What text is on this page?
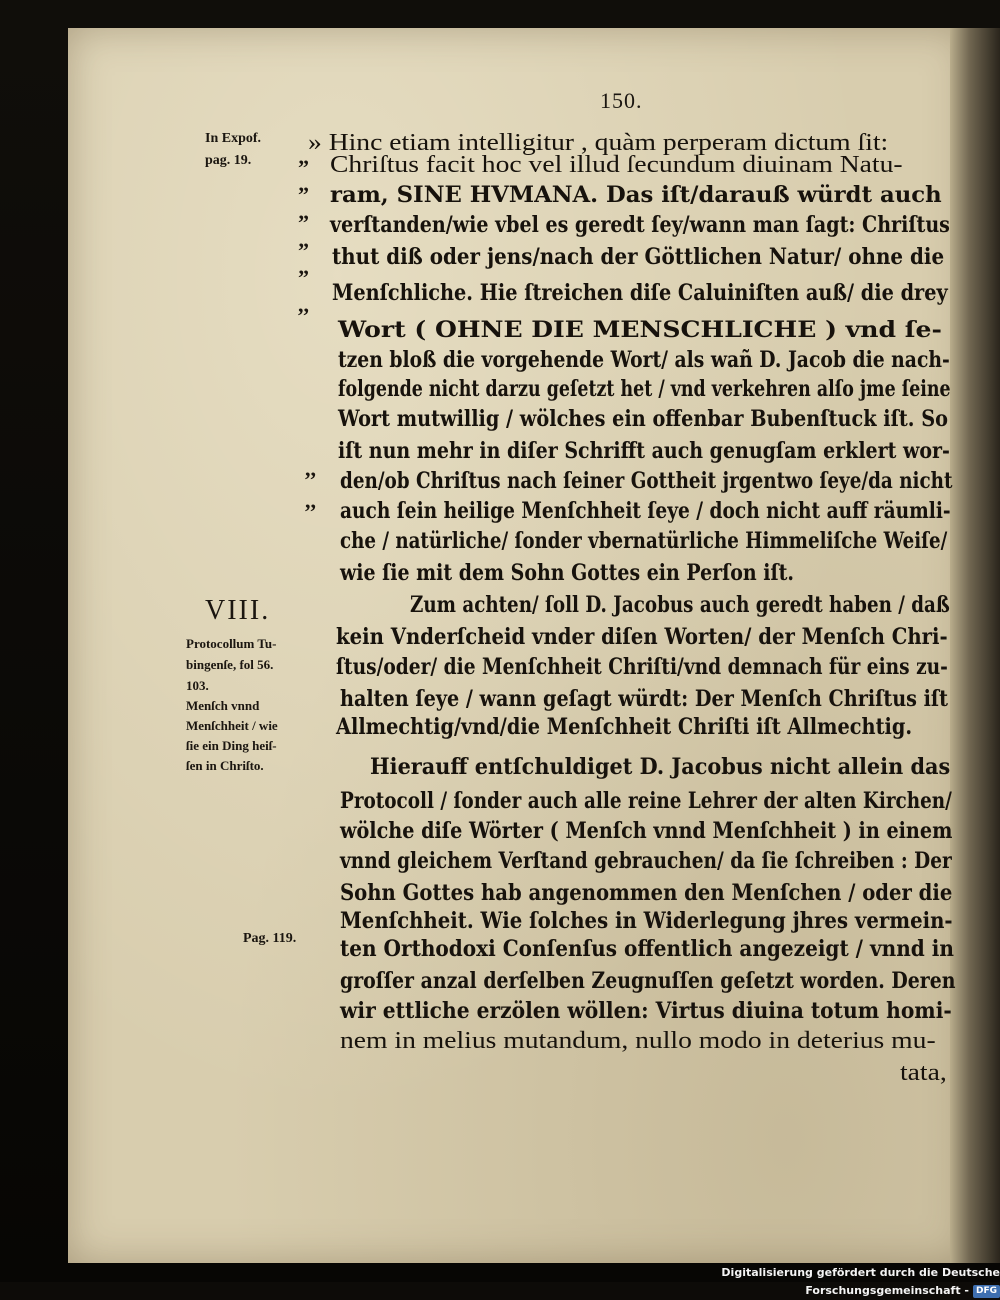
150.
In Expof.
pag. 19.
VIII.
Protocollum Tu-
bingenſe, fol 56.
103.
Menſch vnnd
Menſchheit / wie
ſie ein Ding heiſ-
ſen in Chriſto.
Pag. 119.
”
”
”
”
”
,,
,,
,,
» Hinc etiam intelligitur , quàm perperam dictum ſit:
Chriſtus facit hoc vel illud ſecundum diuinam Natu-
ram, SINE HVMANA. Das iſt/darauß würdt auch
verſtanden/wie vbel es geredt ſey/wann man ſagt: Chriſtus
thut diß oder jens/nach der Göttlichen Natur/ ohne die
Menſchliche. Hie ſtreichen diſe Caluiniſten auß/ die drey
Wort ( OHNE DIE MENSCHLICHE ) vnd ſe-
tzen bloß die vorgehende Wort/ als wañ D. Jacob die nach-
folgende nicht darzu geſetzt het / vnd verkehren alſo jme ſeine
Wort mutwillig / wölches ein offenbar Bubenſtuck iſt. So
iſt nun mehr in diſer Schrifft auch genugſam erklert wor-
den/ob Chriſtus nach ſeiner Gottheit jrgentwo ſeye/da nicht
auch ſein heilige Menſchheit ſeye / doch nicht auff räumli-
che / natürliche/ ſonder vbernatürliche Himmeliſche Weiſe/
wie ſie mit dem Sohn Gottes ein Perſon iſt.
Zum achten/ ſoll D. Jacobus auch geredt haben / daß
kein Vnderſcheid vnder diſen Worten/ der Menſch Chri-
ſtus/oder/ die Menſchheit Chriſti/vnd demnach für eins zu-
halten ſeye / wann geſagt würdt: Der Menſch Chriſtus iſt
Allmechtig/vnd/die Menſchheit Chriſti iſt Allmechtig.
Hierauff entſchuldiget D. Jacobus nicht allein das
Protocoll / ſonder auch alle reine Lehrer der alten Kirchen/
wölche diſe Wörter ( Menſch vnnd Menſchheit ) in einem
vnnd gleichem Verſtand gebrauchen/ da ſie ſchreiben : Der
Sohn Gottes hab angenommen den Menſchen / oder die
Menſchheit. Wie ſolches in Widerlegung jhres vermein-
ten Orthodoxi Conſenſus offentlich angezeigt / vnnd in
groſſer anzal derſelben Zeugnuſſen geſetzt worden. Deren
wir ettliche erzölen wöllen: Virtus diuina totum homi-
nem in melius mutandum, nullo modo in deterius mu-
tata,
Digitalisierung gefördert durch die Deutsche Forschungsgemeinschaft - DFG
